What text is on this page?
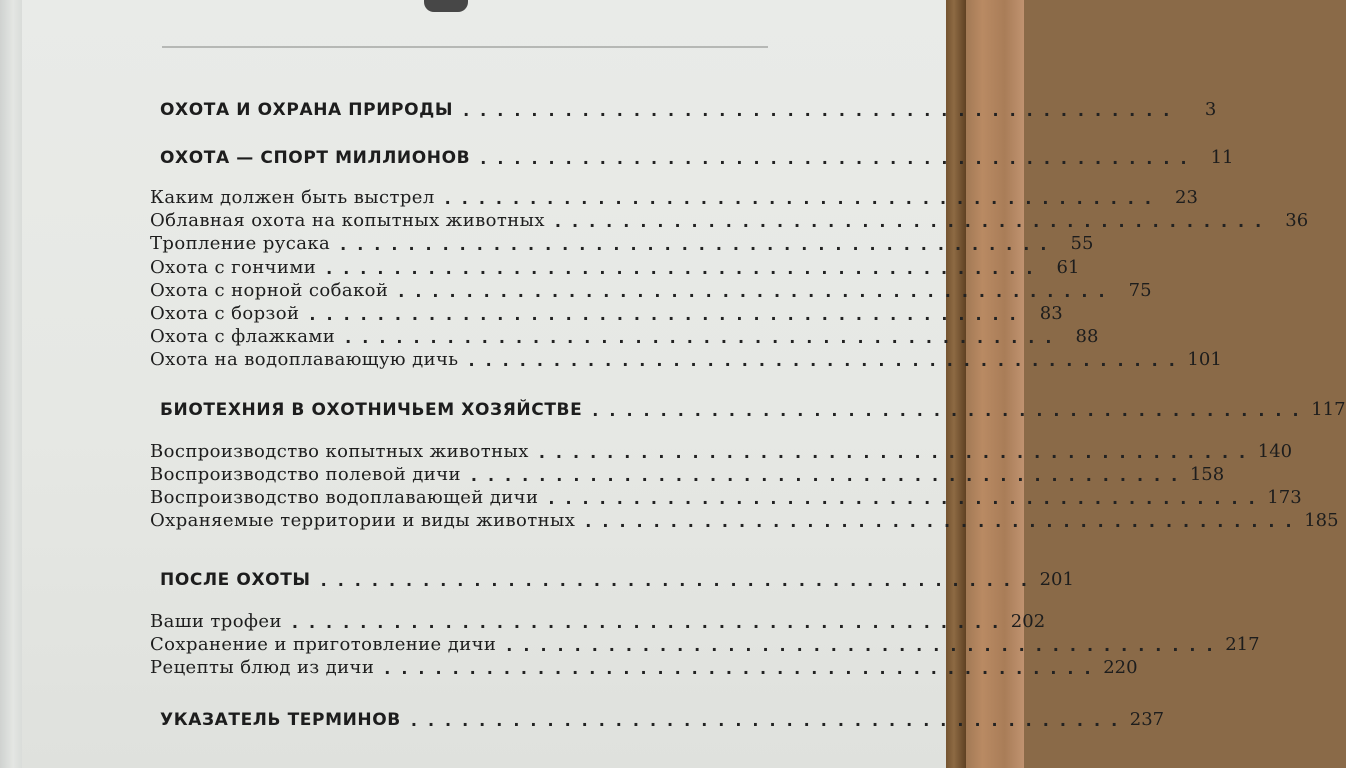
ОХОТА И ОХРАНА ПРИРОДЫ ..........................................	3
ОХОТА — СПОРТ МИЛЛИОНОВ .......................................... 11
Каким должен быть выстрел .......................................... 23
Облавная охота на копытных животных .......................................... 36
Тропление русака .......................................... 55
Охота с гончими .......................................... 61
Охота с норной собакой .......................................... 75
Охота с борзой .......................................... 83
Охота с флажками .......................................... 88
Охота на водоплавающую дичь .......................................... 101
БИОТЕХНИЯ В ОХОТНИЧЬЕМ ХОЗЯЙСТВЕ .......................................... 117
Воспроизводство копытных животных .......................................... 140
Воспроизводство полевой дичи .......................................... 158
Воспроизводство водоплавающей дичи .......................................... 173
Охраняемые территории и виды животных .......................................... 185
ПОСЛЕ ОХОТЫ .......................................... 201
Ваши трофеи .......................................... 202
Сохранение и приготовление дичи .......................................... 217
Рецепты блюд из дичи .......................................... 220
УКАЗАТЕЛЬ ТЕРМИНОВ .......................................... 237
